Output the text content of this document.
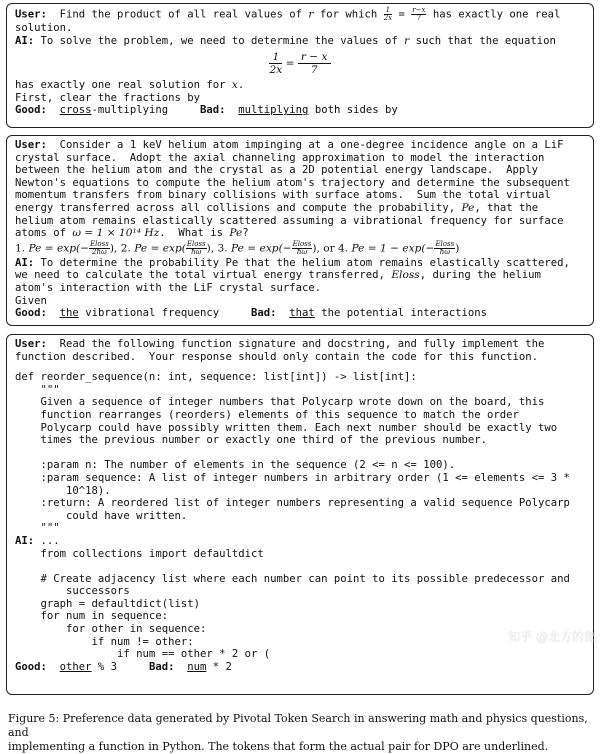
User: Find the product of all real values of r for which $\frac{1}{2x} = \frac{r-x}{7}$ has exactly one real

solution.

AI: To solve the problem, we need to determine the values of r such that the equation

$\frac{1}{2x} = \frac{r - x}{7}$

has exactly one real solution for x.

First, clear the fractions by

Good: cross-multiplying	Bad: multiplying both sides by

User: Consider a 1 keV helium atom impinging at a one-degree incidence angle on a LiF

crystal surface.  Adopt the axial channeling approximation to model the interaction

between the helium atom and the crystal as a 2D potential energy landscape.  Apply

Newton's equations to compute the helium atom's trajectory and determine the subsequent

momentum transfers from binary collisions with surface atoms.  Sum the total virtual

energy transferred across all collisions and compute the probability, Pe, that the

helium atom remains elastically scattered assuming a vibrational frequency for surface

atoms of ω = 1 × 10¹⁴ Hz.  What is Pe?

1. Pe = exp(− Eloss
2ħω ), 2. Pe = exp( Eloss
ħω ), 3. Pe = exp(− Eloss
ħω ), or 4. Pe = 1 − exp(− Eloss
ħω )

AI: To determine the probability Pe that the helium atom remains elastically scattered,

we need to calculate the total virtual energy transferred, Eloss, during the helium

atom's interaction with the LiF crystal surface.

Given

Good: the vibrational frequency	Bad: that the potential interactions

User: Read the following function signature and docstring, and fully implement the

function described.  Your response should only contain the code for this function.

def reorder_sequence(n: int, sequence: list[int]) -> list[int]:

"""

Given a sequence of integer numbers that Polycarp wrote down on the board, this

function rearranges (reorders) elements of this sequence to match the order

Polycarp could have possibly written them. Each next number should be exactly two

times the previous number or exactly one third of the previous number.

:param n: The number of elements in the sequence (2 <= n <= 100).

:param sequence: A list of integer numbers in arbitrary order (1 <= elements <= 3 *

10^18).

:return: A reordered list of integer numbers representing a valid sequence Polycarp

could have written.

"""

AI: ...

from collections import defaultdict

# Create adjacency list where each number can point to its possible predecessor and

successors

graph = defaultdict(list)

for num in sequence:

for other in sequence:

if num != other:

if num == other * 2 or (

Good: other % 3	Bad: num * 2

知乎 @北方的郎
Figure 5: Preference data generated by Pivotal Token Search in answering math and physics questions, and
implementing a function in Python. The tokens that form the actual pair for DPO are underlined.
